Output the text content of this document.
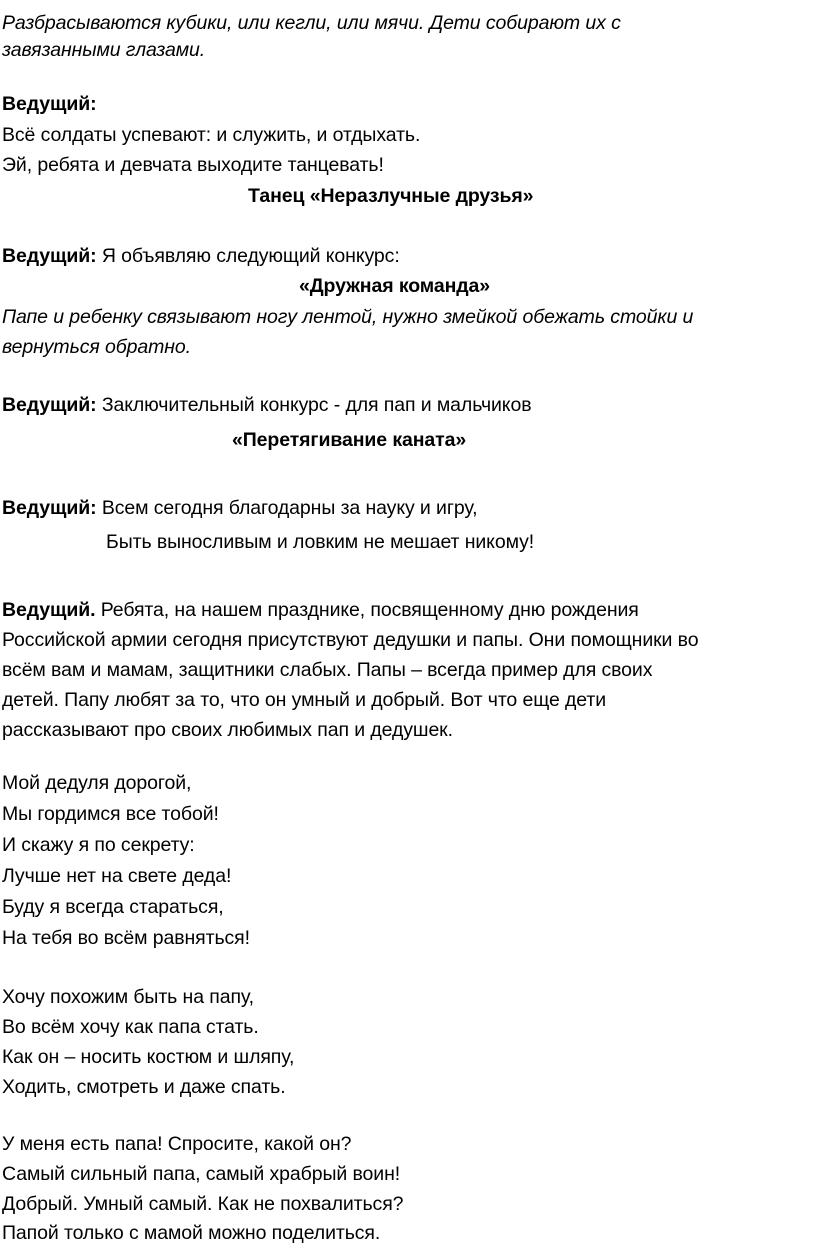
Разбрасываются кубики, или кегли, или мячи. Дети собирают их с
завязанными глазами.
Ведущий:
Всё солдаты успевают: и служить, и отдыхать.
Эй, ребята и девчата выходите танцевать!
Танец «Неразлучные друзья»
Ведущий: Я объявляю следующий конкурс:
«Дружная команда»
Папе и ребенку связывают ногу лентой, нужно змейкой обежать стойки и
вернуться обратно.
Ведущий: Заключительный конкурс - для пап и мальчиков
«Перетягивание каната»
Ведущий: Всем сегодня благодарны за науку и игру,
Быть выносливым и ловким не мешает никому!
Ведущий. Ребята, на нашем празднике, посвященному дню рождения
Российской армии сегодня присутствуют дедушки и папы. Они помощники во
всём вам и мамам, защитники слабых. Папы – всегда пример для своих
детей. Папу любят за то, что он умный и добрый. Вот что еще дети
рассказывают про своих любимых пап и дедушек.
Мой дедуля дорогой,
Мы гордимся все тобой!
И скажу я по секрету:
Лучше нет на свете деда!
Буду я всегда стараться,
На тебя во всём равняться!
Хочу похожим быть на папу,
Во всём хочу как папа стать.
Как он – носить костюм и шляпу,
Ходить, смотреть и даже спать.
У меня есть папа! Спросите, какой он?
Самый сильный папа, самый храбрый воин!
Добрый. Умный самый. Как не похвалиться?
Папой только с мамой можно поделиться.
